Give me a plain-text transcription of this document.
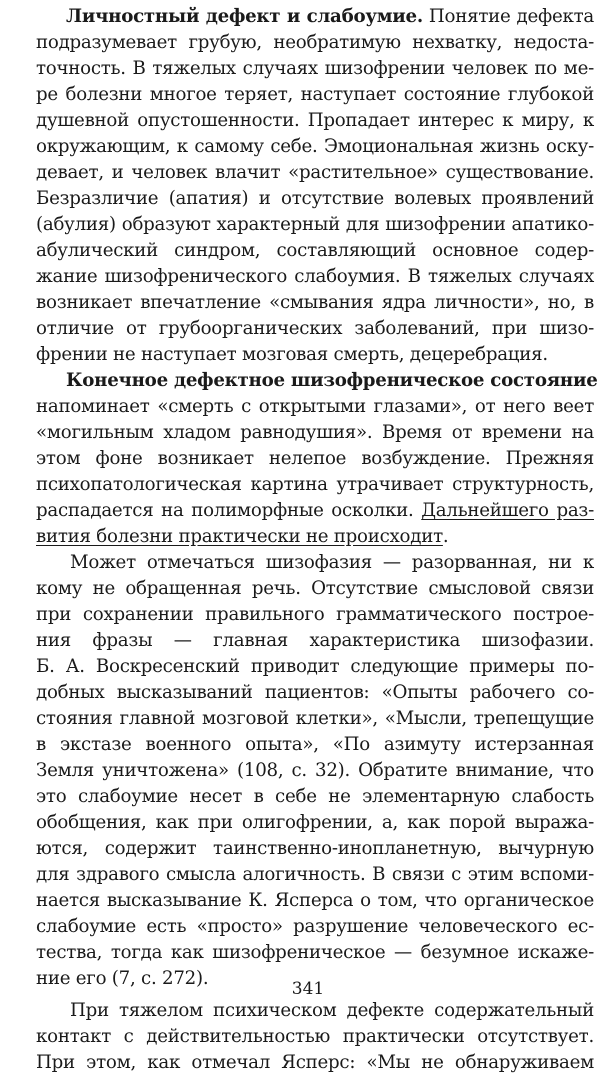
Личностный дефект и слабоумие. Понятие дефекта
подразумевает грубую, необратимую нехватку, недоста-
точность. В тяжелых случаях шизофрении человек по ме-
ре болезни многое теряет, наступает состояние глубокой
душевной опустошенности. Пропадает интерес к миру, к
окружающим, к самому себе. Эмоциональная жизнь оску-
девает, и человек влачит «растительное» существование.
Безразличие (апатия) и отсутствие волевых проявлений
(абулия) образуют характерный для шизофрении апатико-
абулический синдром, составляющий основное содер-
жание шизофренического слабоумия. В тяжелых случаях
возникает впечатление «смывания ядра личности», но, в
отличие от грубоорганических заболеваний, при шизо-
френии не наступает мозговая смерть, децеребрация.
Конечное дефектное шизофреническое состояние
напоминает «смерть с открытыми глазами», от него веет
«могильным хладом равнодушия». Время от времени на
этом фоне возникает нелепое возбуждение. Прежняя
психопатологическая картина утрачивает структурность,
распадается на полиморфные осколки. Дальнейшего раз-
вития болезни практически не происходит.
Может отмечаться шизофазия — разорванная, ни к
кому не обращенная речь. Отсутствие смысловой связи
при сохранении правильного грамматического построе-
ния фразы — главная характеристика шизофазии.
Б. А. Воскресенский приводит следующие примеры по-
добных высказываний пациентов: «Опыты рабочего со-
стояния главной мозговой клетки», «Мысли, трепещущие
в экстазе военного опыта», «По азимуту истерзанная
Земля уничтожена» (108, с. 32). Обратите внимание, что
это слабоумие несет в себе не элементарную слабость
обобщения, как при олигофрении, а, как порой выража-
ются, содержит таинственно-инопланетную, вычурную
для здравого смысла алогичность. В связи с этим вспоми-
нается высказывание К. Ясперса о том, что органическое
слабоумие есть «просто» разрушение человеческого ес-
тества, тогда как шизофреническое — безумное искаже-
ние его (7, с. 272).
При тяжелом психическом дефекте содержательный
контакт с действительностью практически отсутствует.
При этом, как отмечал Ясперс: «Мы не обнаруживаем
341
